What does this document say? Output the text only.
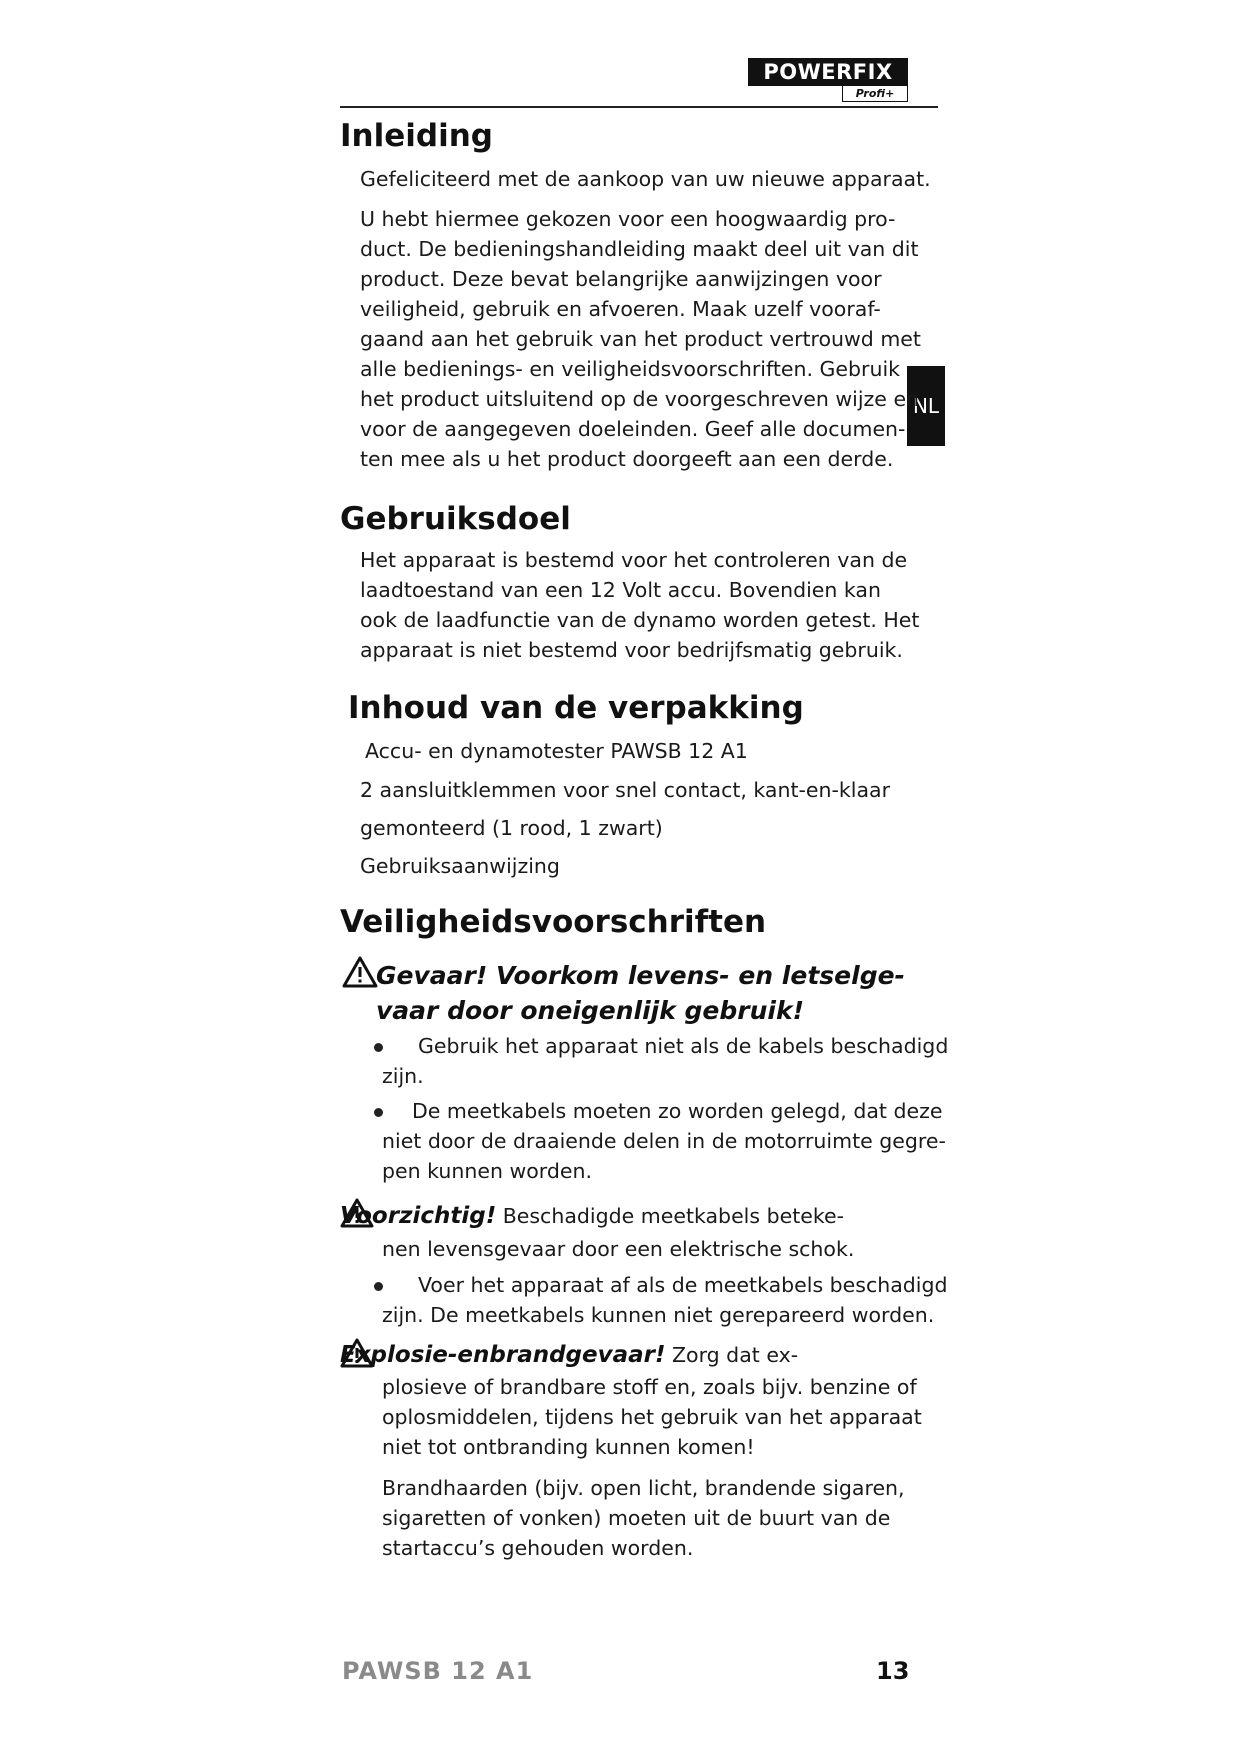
POWERFIX
Profi+
NL
Inleiding

Gefeliciteerd met de aankoop van uw nieuwe apparaat.

U hebt hiermee gekozen voor een hoogwaardig pro-
duct. De bedieningshandleiding maakt deel uit van dit
product. Deze bevat belangrijke aanwijzingen voor
veiligheid, gebruik en afvoeren. Maak uzelf vooraf-
gaand aan het gebruik van het product vertrouwd met
alle bedienings- en veiligheidsvoorschriften. Gebruik
het product uitsluitend op de voorgeschreven wijze en
voor de aangegeven doeleinden. Geef alle documen-
ten mee als u het product doorgeeft aan een derde.

Gebruiksdoel

Het apparaat is bestemd voor het controleren van de
laadtoestand van een 12 Volt accu. Bovendien kan
ook de laadfunctie van de dynamo worden getest. Het
apparaat is niet bestemd voor bedrijfsmatig gebruik.

Inhoud van de verpakking

Accu- en dynamotester PAWSB 12 A1

2 aansluitklemmen voor snel contact, kant-en-klaar

gemonteerd (1 rood, 1 zwart)

Gebruiksaanwijzing

Veiligheidsvoorschriften

Gevaar! Voorkom levens- en letselge-
vaar door oneigenlijk gebruik!

Gebruik het apparaat niet als de kabels beschadigd
zijn.

De meetkabels moeten zo worden gelegd, dat deze
niet door de draaiende delen in de motorruimte gegre-
pen kunnen worden.

Voorzichtig! Beschadigde meetkabels beteke-

nen levensgevaar door een elektrische schok.

Voer het apparaat af als de meetkabels beschadigd
zijn. De meetkabels kunnen niet gerepareerd worden.

Explosie-enbrandgevaar! Zorg dat ex-

plosieve of brandbare stoff en, zoals bijv. benzine of
oplosmiddelen, tijdens het gebruik van het apparaat
niet tot ontbranding kunnen komen!

Brandhaarden (bijv. open licht, brandende sigaren,
sigaretten of vonken) moeten uit de buurt van de
startaccu’s gehouden worden.

PAWSB 12 A1	13
